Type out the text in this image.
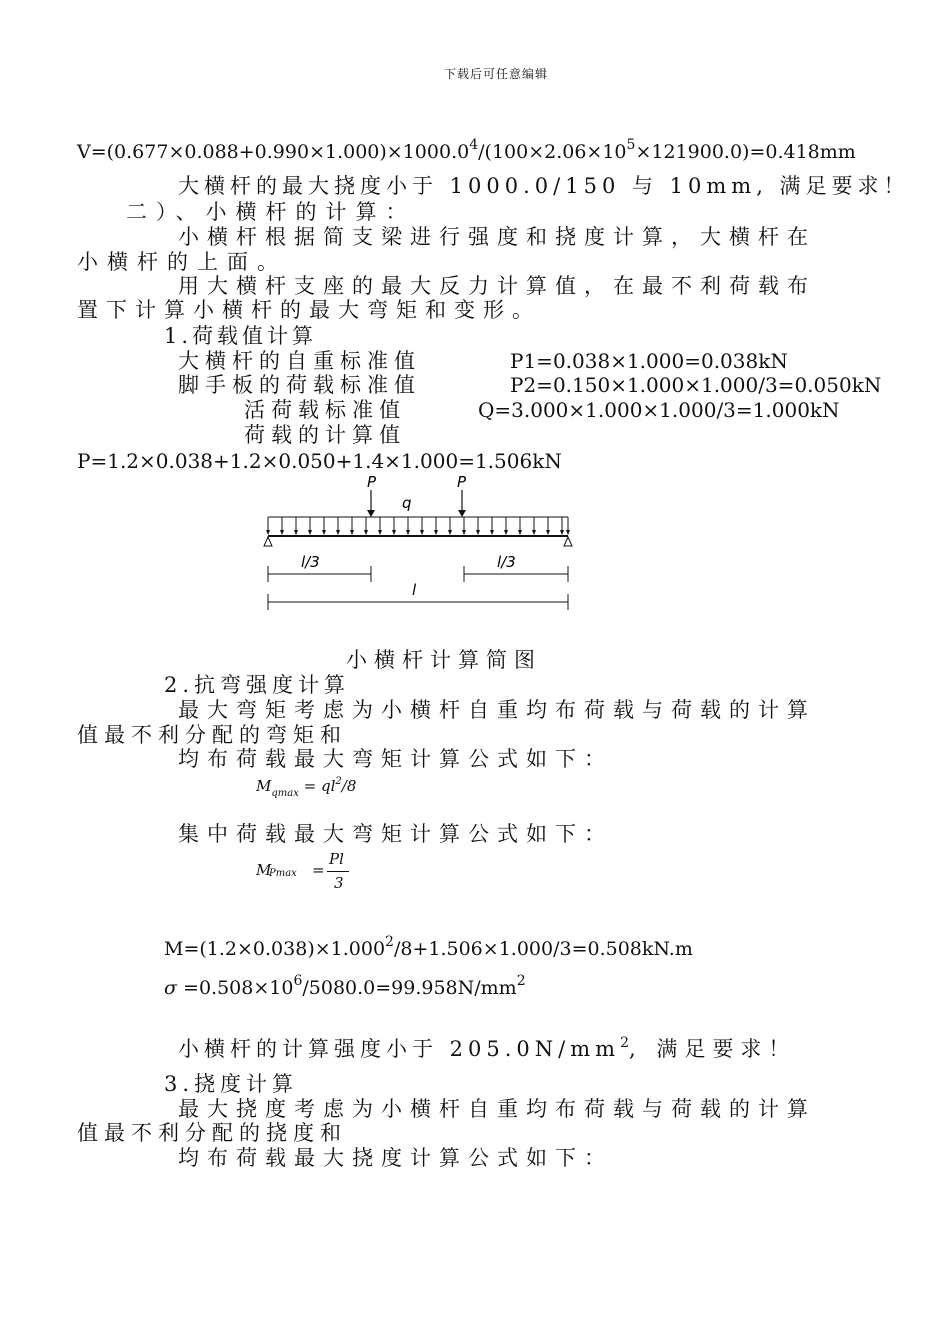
下载后可任意编辑
$V=(0.677\times 0.088+0.990\times 1.000)\times 1000.0^4/(100\times 2.06\times 10^5\times 121900.0)=0.418mm$
大横杆的最大挠度小于 1000.0/150 与 10mm, 满足要求！
二）、小横杆的计算：
小横杆根据简支梁进行强度和挠度计算，大横杆在
小横杆的上面。
用大横杆支座的最大反力计算值，在最不利荷载布
置下计算小横杆的最大弯矩和变形。
1.荷载值计算
大横杆的自重标准值	P1=0.038×1.000=0.038kN
脚手板的荷载标准值	P2=0.150×1.000×1.000/3=0.050kN
活荷载标准值	Q=3.000×1.000×1.000/3=1.000kN
荷载的计算值
P=1.2×0.038+1.2×0.050+1.4×1.000=1.506kN
P
q
P
l/3	l/3
l
小横杆计算简图
2.抗弯强度计算
最大弯矩考虑为小横杆自重均布荷载与荷载的计算
值最不利分配的弯矩和
均布荷载最大弯矩计算公式如下：
$M_{qmax} = ql^2/8$
集中荷载最大弯矩计算公式如下：
M
Pmax =
Pl
3
$M=(1.2\times 0.038)\times 1.000^2/8+1.506\times 1.000/3=0.508kN.m$
$\sigma =0.508\times 10^6/5080.0=99.958N/mm^2$
小横杆的计算强度小于 $205.0N/mm^2$, 满足要求！
3.挠度计算
最大挠度考虑为小横杆自重均布荷载与荷载的计算
值最不利分配的挠度和
均布荷载最大挠度计算公式如下：
